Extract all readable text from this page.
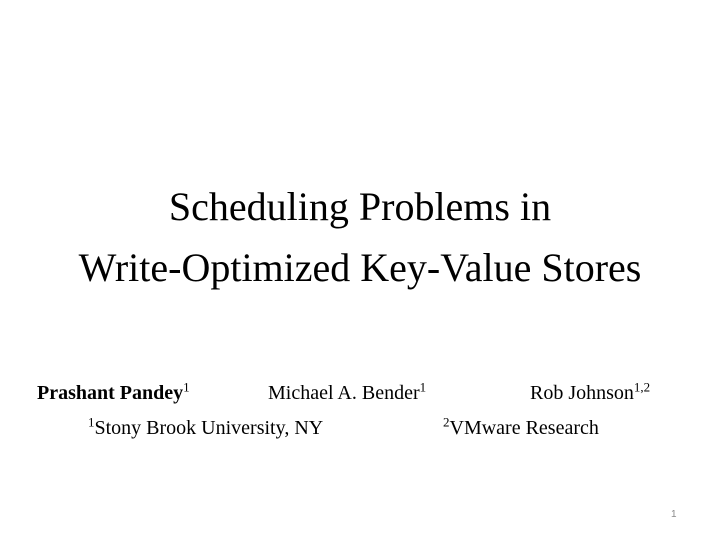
Scheduling Problems in
Write-Optimized Key-Value Stores
Prashant Pandey$^1$	Michael A. Bender$^1$	Rob Johnson$^{1,2}$
$^1$Stony Brook University, NY	$^2$VMware Research
1
